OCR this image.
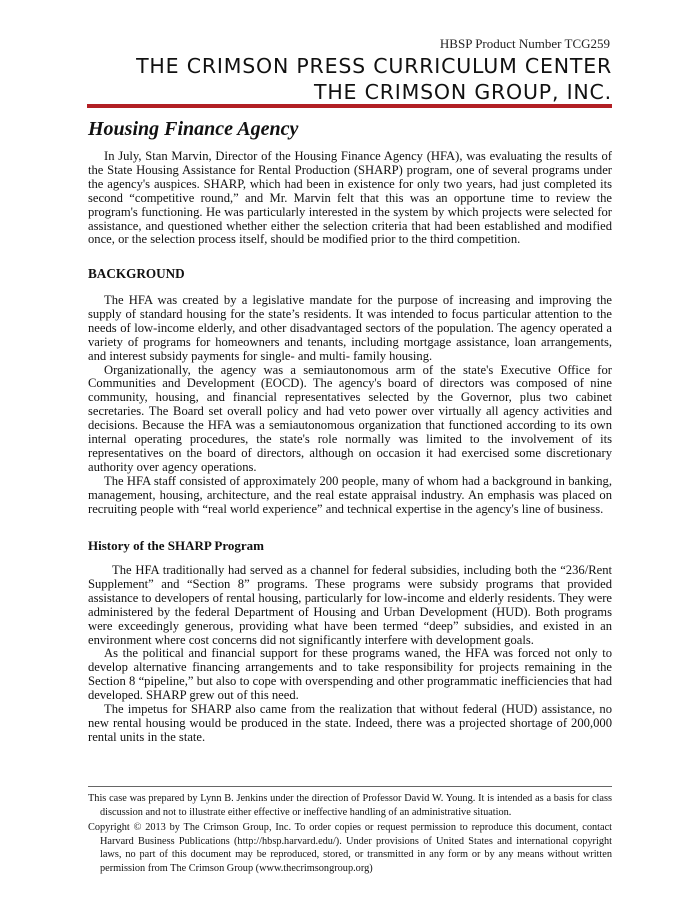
HBSP Product Number TCG259
THE CRIMSON PRESS CURRICULUM CENTER
THE CRIMSON GROUP, INC.
Housing Finance Agency

In July, Stan Marvin, Director of the Housing Finance Agency (HFA), was evaluating the results of the State Housing Assistance for Rental Production (SHARP) program, one of several programs under the agency's auspices. SHARP, which had been in existence for only two years, had just completed its second “competitive round,” and Mr. Marvin felt that this was an opportune time to review the program's functioning. He was particularly interested in the system by which projects were selected for assistance, and questioned whether either the selection criteria that had been established and modified once, or the selection process itself, should be modified prior to the third competition.

BACKGROUND

The HFA was created by a legislative mandate for the purpose of increasing and improving the supply of standard housing for the state’s residents. It was intended to focus particular attention to the needs of low-income elderly, and other disadvantaged sectors of the population. The agency operated a variety of programs for homeowners and tenants, including mortgage assistance, loan arrangements, and interest subsidy payments for single- and multi- family housing.

Organizationally, the agency was a semiautonomous arm of the state's Executive Office for Communities and Development (EOCD). The agency's board of directors was composed of nine community, housing, and financial representatives selected by the Governor, plus two cabinet secretaries. The Board set overall policy and had veto power over virtually all agency activities and decisions. Because the HFA was a semiautonomous organization that functioned according to its own internal operating procedures, the state's role normally was limited to the involvement of its representatives on the board of directors, although on occasion it had exercised some discretionary authority over agency operations.

The HFA staff consisted of approximately 200 people, many of whom had a background in banking, management, housing, architecture, and the real estate appraisal industry. An emphasis was placed on recruiting people with “real world experience” and technical expertise in the agency's line of business.

History of the SHARP Program

The HFA traditionally had served as a channel for federal subsidies, including both the “236/Rent Supplement” and “Section 8” programs. These programs were subsidy programs that provided assistance to developers of rental housing, particularly for low-income and elderly residents. They were administered by the federal Department of Housing and Urban Development (HUD). Both programs were exceedingly generous, providing what have been termed “deep” subsidies, and existed in an environment where cost concerns did not significantly interfere with development goals.

As the political and financial support for these programs waned, the HFA was forced not only to develop alternative financing arrangements and to take responsibility for projects remaining in the Section 8 “pipeline,” but also to cope with overspending and other programmatic inefficiencies that had developed. SHARP grew out of this need.

The impetus for SHARP also came from the realization that without federal (HUD) assistance, no new rental housing would be produced in the state. Indeed, there was a projected shortage of 200,000 rental units in the state.

This case was prepared by Lynn B. Jenkins under the direction of Professor David W. Young. It is intended as a basis for class discussion and not to illustrate either effective or ineffective handling of an administrative situation.

Copyright © 2013 by The Crimson Group, Inc. To order copies or request permission to reproduce this document, contact Harvard Business Publications (http://hbsp.harvard.edu/). Under provisions of United States and international copyright laws, no part of this document may be reproduced, stored, or transmitted in any form or by any means without written permission from The Crimson Group (www.thecrimsongroup.org)
